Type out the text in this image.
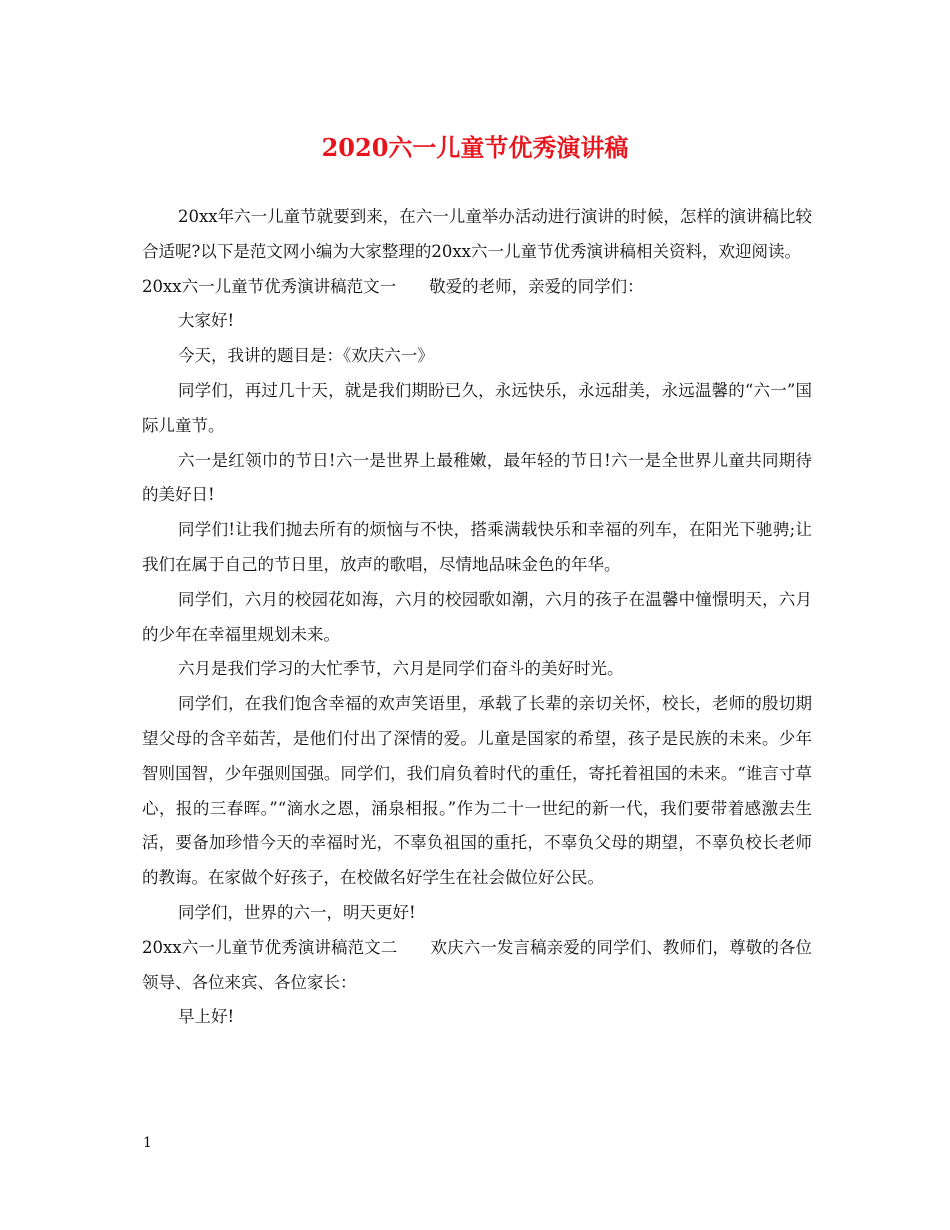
2020六一儿童节优秀演讲稿

20xx年六一儿童节就要到来，在六一儿童举办活动进行演讲的时候，怎样的演讲稿比较合适呢?以下是范文网小编为大家整理的20xx六一儿童节优秀演讲稿相关资料，欢迎阅读。

20xx六一儿童节优秀演讲稿范文一　　敬爱的老师，亲爱的同学们：

大家好!

今天，我讲的题目是：《欢庆六一》

同学们，再过几十天，就是我们期盼已久，永远快乐，永远甜美，永远温馨的“六一”国际儿童节。

六一是红领巾的节日!六一是世界上最稚嫩，最年轻的节日!六一是全世界儿童共同期待的美好日!

同学们!让我们抛去所有的烦恼与不快，搭乘满载快乐和幸福的列车，在阳光下驰骋;让我们在属于自己的节日里，放声的歌唱，尽情地品味金色的年华。

同学们，六月的校园花如海，六月的校园歌如潮，六月的孩子在温馨中憧憬明天，六月的少年在幸福里规划未来。

六月是我们学习的大忙季节，六月是同学们奋斗的美好时光。

同学们，在我们饱含幸福的欢声笑语里，承载了长辈的亲切关怀，校长，老师的殷切期望父母的含辛茹苦，是他们付出了深情的爱。儿童是国家的希望，孩子是民族的未来。少年智则国智，少年强则国强。同学们，我们肩负着时代的重任，寄托着祖国的未来。“谁言寸草心，报的三春晖。”“滴水之恩，涌泉相报。”作为二十一世纪的新一代，我们要带着感激去生活，要备加珍惜今天的幸福时光，不辜负祖国的重托，不辜负父母的期望，不辜负校长老师的教诲。在家做个好孩子，在校做名好学生在社会做位好公民。

同学们，世界的六一，明天更好!

20xx六一儿童节优秀演讲稿范文二　　欢庆六一发言稿亲爱的同学们、教师们，尊敬的各位领导、各位来宾、各位家长：

早上好!

1
